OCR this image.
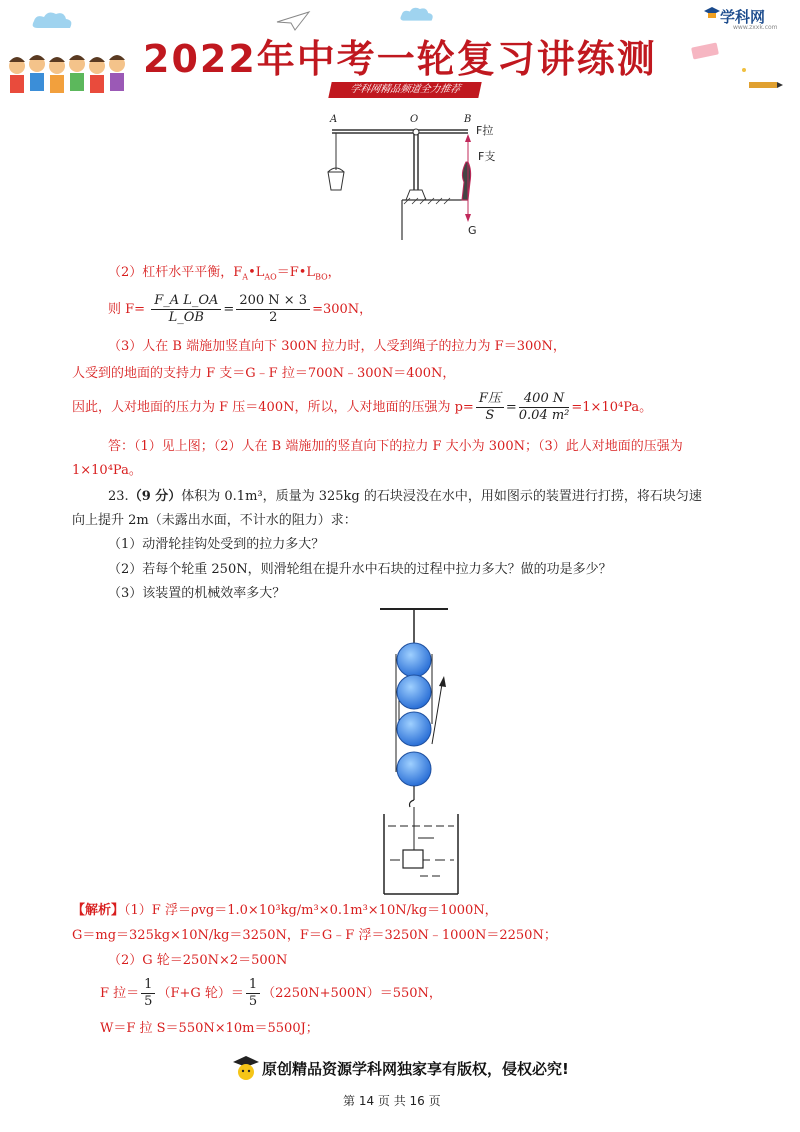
2022年中考一轮复习讲练测
学科网精品频道全力推荐
学科网
www.zxxk.com
A	O	B
F拉
F支
G
（2）杠杆水平平衡，$F_A•L_{AO}=F•L_{BO}$，
则 $F= \frac{\text{F\_A L\_OA}}{L\_OB} = \frac{200 N \times 3}{2} =300N$，
（3）人在 B 端施加竖直向下 300N 拉力时，人受到绳子的拉力为 F＝300N，
人受到的地面的支持力 F 支＝G﹣F 拉＝700N﹣300N＝400N，
因此，人对地面的压力为 F 压＝400N，所以，人对地面的压强为 $p= \frac{\text{F压}}{S} = \frac{400 N}{\text{0.04 m²}} =1\times 10^4Pa$。
答：（1）见上图；（2）人在 B 端施加的竖直向下的拉力 F 大小为 300N；（3）此人对地面的压强为
1×10⁴Pa。
23.（9 分）体积为 0.1m³，质量为 325kg 的石块浸没在水中，用如图示的装置进行打捞，将石块匀速
向上提升 2m（未露出水面，不计水的阻力）求：
（1）动滑轮挂钩处受到的拉力多大？
（2）若每个轮重 250N，则滑轮组在提升水中石块的过程中拉力多大？做的功是多少？
（3）该装置的机械效率多大？
【解析】（1）F 浮＝ρvg＝1.0×10³kg/m³×0.1m³×10N/kg＝1000N，
G＝mg＝325kg×10N/kg＝3250N，F＝G﹣F 浮＝3250N﹣1000N＝2250N；
（2）G 轮＝250N×2＝500N
F 拉＝ $\frac{1}{5} (F+G$ 轮）＝ $\frac{1}{5} (2250N+500N)=550N$，
W＝F 拉 S＝550N×10m＝5500J；
原创精品资源学科网独家享有版权，侵权必究!
第 14 页 共 16 页
